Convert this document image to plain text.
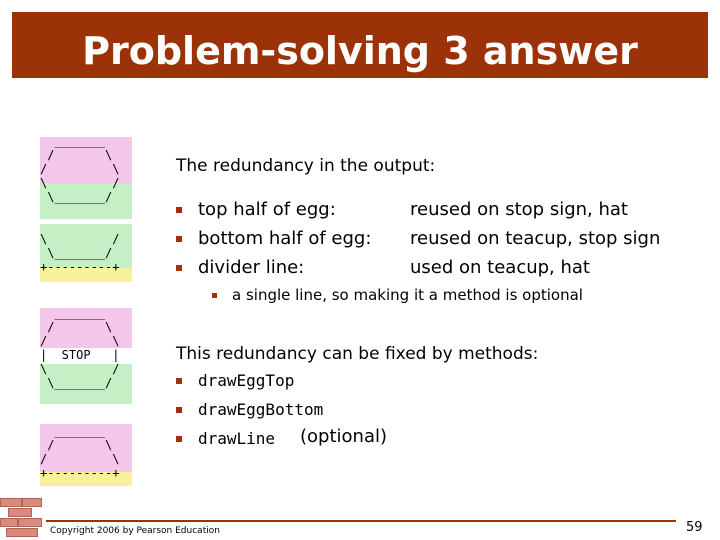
Problem-solving 3 answer
_______
/       \
/         \
\         /
\_______/
\         /
\_______/
+---------+
_______
/       \
/         \
|  STOP   |
\         /
\_______/
_______
/       \
/         \
+---------+
The redundancy in the output:
top half of egg:	reused on stop sign, hat
bottom half of egg: reused on teacup, stop sign
divider line:	used on teacup, hat
a single line, so making it a method is optional
This redundancy can be fixed by methods:
drawEggTop
drawEggBottom
drawLine (optional)
Copyright 2006 by Pearson Education	59
